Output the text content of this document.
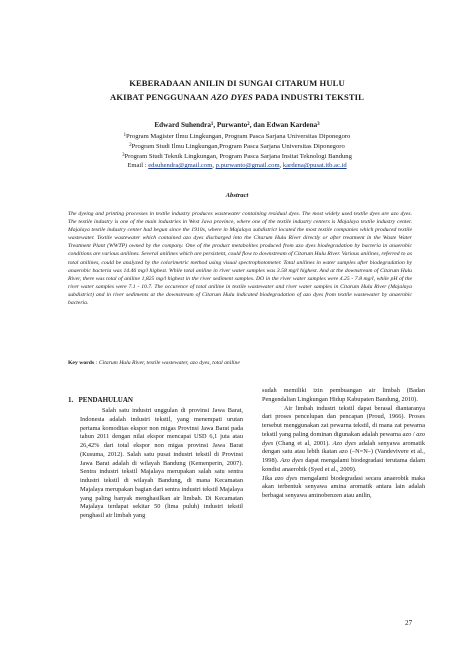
KEBERADAAN ANILIN DI SUNGAI CITARUM HULU
AKIBAT PENGGUNAAN AZO DYES PADA INDUSTRI TEKSTIL
Edward Suhendra$^1$, Purwanto$^2$, dan Edwan Kardena$^3$
$^1$Program Magister Ilmu Lingkungan, Program Pasca Sarjana Universitas Diponegoro
$^2$Program Studi Ilmu Lingkungan,Program Pasca Sarjana Universitas Diponegoro
$^3$Program Studi Teknik Lingkungan, Program Pasca Sarjana Insitat Teknologi Bandung
Email : edsuhendra@gmail.com, p.purwanto@gmail.com, kardena@pusat.itb.ac.id
Abstract

The dyeing and printing processes in textile industry produces wastewater containing residual dyes. The most widely used textile dyes are azo dyes. The textile industry is one of the main industries in West Java province, where one of the textile industry centers is Majalaya textile industry center. Majalaya textile industry center had begun since the 1910s, where in Majalaya subdistrict located the most textile companies which produced textile wastewater. Textile wastewater which contained azo dyes discharged into the Citarum Hulu River directly or after treatment in the Waste Water Treatment Plant (WWTP) owned by the company. One of the product metabolites produced from azo dyes biodegradation by bacteria in anaerobic conditions are various anilines. Several anilines which are persistent, could flow to downstream of Citarum Hulu River. Various anilines, referred to as total anilines, could be analyzed by the colorimetric method using visual spectrophotometer. Total anilines in water samples after biodegradation by anaerobic bacteria was 14.46 mg/l highest. While total aniline in river water samples was 3.58 mg/l highest. And at the downstream of Citarum Hulu River, there was total of aniline 1,825 mg/l highest in the river sediment samples. DO in the river water samples were 4.25 - 7.8 mg/l, while pH of the river water samples were 7.1 - 10.7. The occurence of total aniline in textile wastewater and river water samples in Citarum Hulu River (Majalaya subdistrict) and in river sediments at the downstream of Citarum Hulu indicated biodegradation of azo dyes from textile wastewater by anaerobic bacteria.

Key words : Citarum Hulu River, textile wastewater, azo dyes, total aniline

1. PENDAHULUAN

Salah satu industri unggulan di provinsi Jawa Barat, Indonesia adalah industri tekstil, yang menempati urutan pertama komoditas ekspor non migas Provinsi Jawa Barat pada tahun 2011 dengan nilai ekspor mencapai USD 6,1 juta atau 26,42% dari total ekspor non migas provinsi Jawa Barat (Kusuma, 2012). Salah satu pusat industri tekstil di Provinsi Jawa Barat adalah di wilayah Bandung (Kemenperin, 2007). Sentra industri tekstil Majalaya merupakan salah satu sentra industri tekstil di wilayah Bandung, di mana Kecamatan Majalaya merupakan bagian dari sentra industri tekstil Majalaya yang paling banyak menghasilkan air limbah. Di Kecamatan Majalaya terdapat sekitar 50 (lima puluh) industri tekstil penghasil air limbah yang

sudah memiliki izin pembuangan air limbah (Badan Pengendalian Lingkungan Hidup Kabupaten Bandung, 2010).

Air limbah industri tekstil dapat berasal diantaranya dari proses pencelupan dan pencapan (Proud, 1966). Proses tersebut menggunakan zat pewarna tekstil, di mana zat pewarna tekstil yang paling dominan digunakan adalah pewarna azo / azo dyes (Chang et al, 2001). Azo dyes adalah senyawa aromatik dengan satu atau lebih ikatan azo (–N=N–) (Vandevivere et al., 1998). Azo dyes dapat mengalami biodegradasi terutama dalam kondisi anaerobik (Syed et al., 2009).

Jika azo dyes mengalami biodegradasi secara anaerobik maka akan terbentuk senyawa amina aromatik antara lain adalah berbagai senyawa aminobenzen atau anilin,

27
